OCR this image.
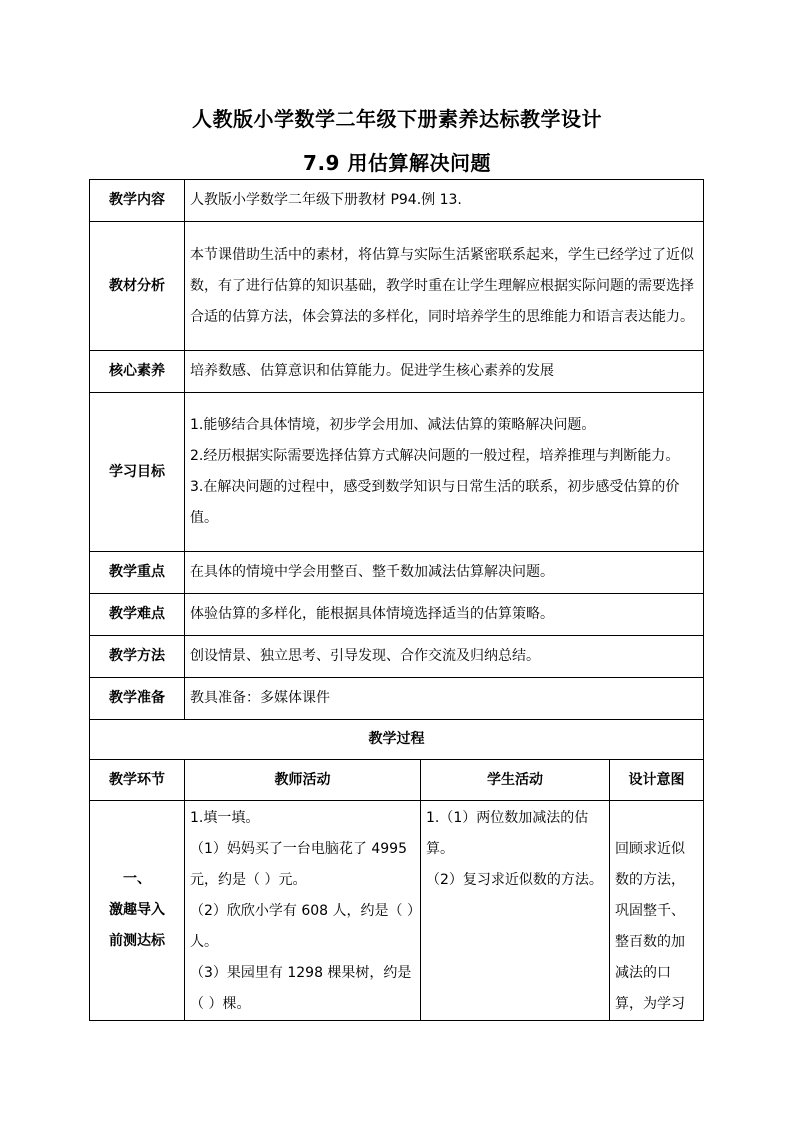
人教版小学数学二年级下册素养达标教学设计
7.9 用估算解决问题
教学内容	人教版小学数学二年级下册教材 P94.例 13.		
教材分析	本节课借助生活中的素材，将估算与实际生活紧密联系起来，学生已经学过了近似数，有了进行估算的知识基础，教学时重在让学生理解应根据实际问题的需要选择合适的估算方法，体会算法的多样化，同时培养学生的思维能力和语言表达能力。		
核心素养	培养数感、估算意识和估算能力。促进学生核心素养的发展		
学习目标	1.能够结合具体情境，初步学会用加、减法估算的策略解决问题。
2.经历根据实际需要选择估算方式解决问题的一般过程，培养推理与判断能力。
3.在解决问题的过程中，感受到数学知识与日常生活的联系，初步感受估算的价值。		

教学重点	在具体的情境中学会用整百、整千数加减法估算解决问题。		
教学难点	体验估算的多样化，能根据具体情境选择适当的估算策略。		
教学方法	创设情景、独立思考、引导发现、合作交流及归纳总结。		
教学准备	教具准备：多媒体课件		
教学过程			
教学环节	教师活动	学生活动	设计意图

一、
激趣导入
前测达标	1.填一填。
（1）妈妈买了一台电脑花了 4995元，约是（ ）元。
（2）欣欣小学有 608 人，约是（ ）人。
（3）果园里有 1298 棵果树，约是（ ）棵。	1.（1）两位数加减法的估算。
（2）复习求近似数的方法。	回顾求近似数的方法，巩固整千、整百数的加减法的口算，为学习
